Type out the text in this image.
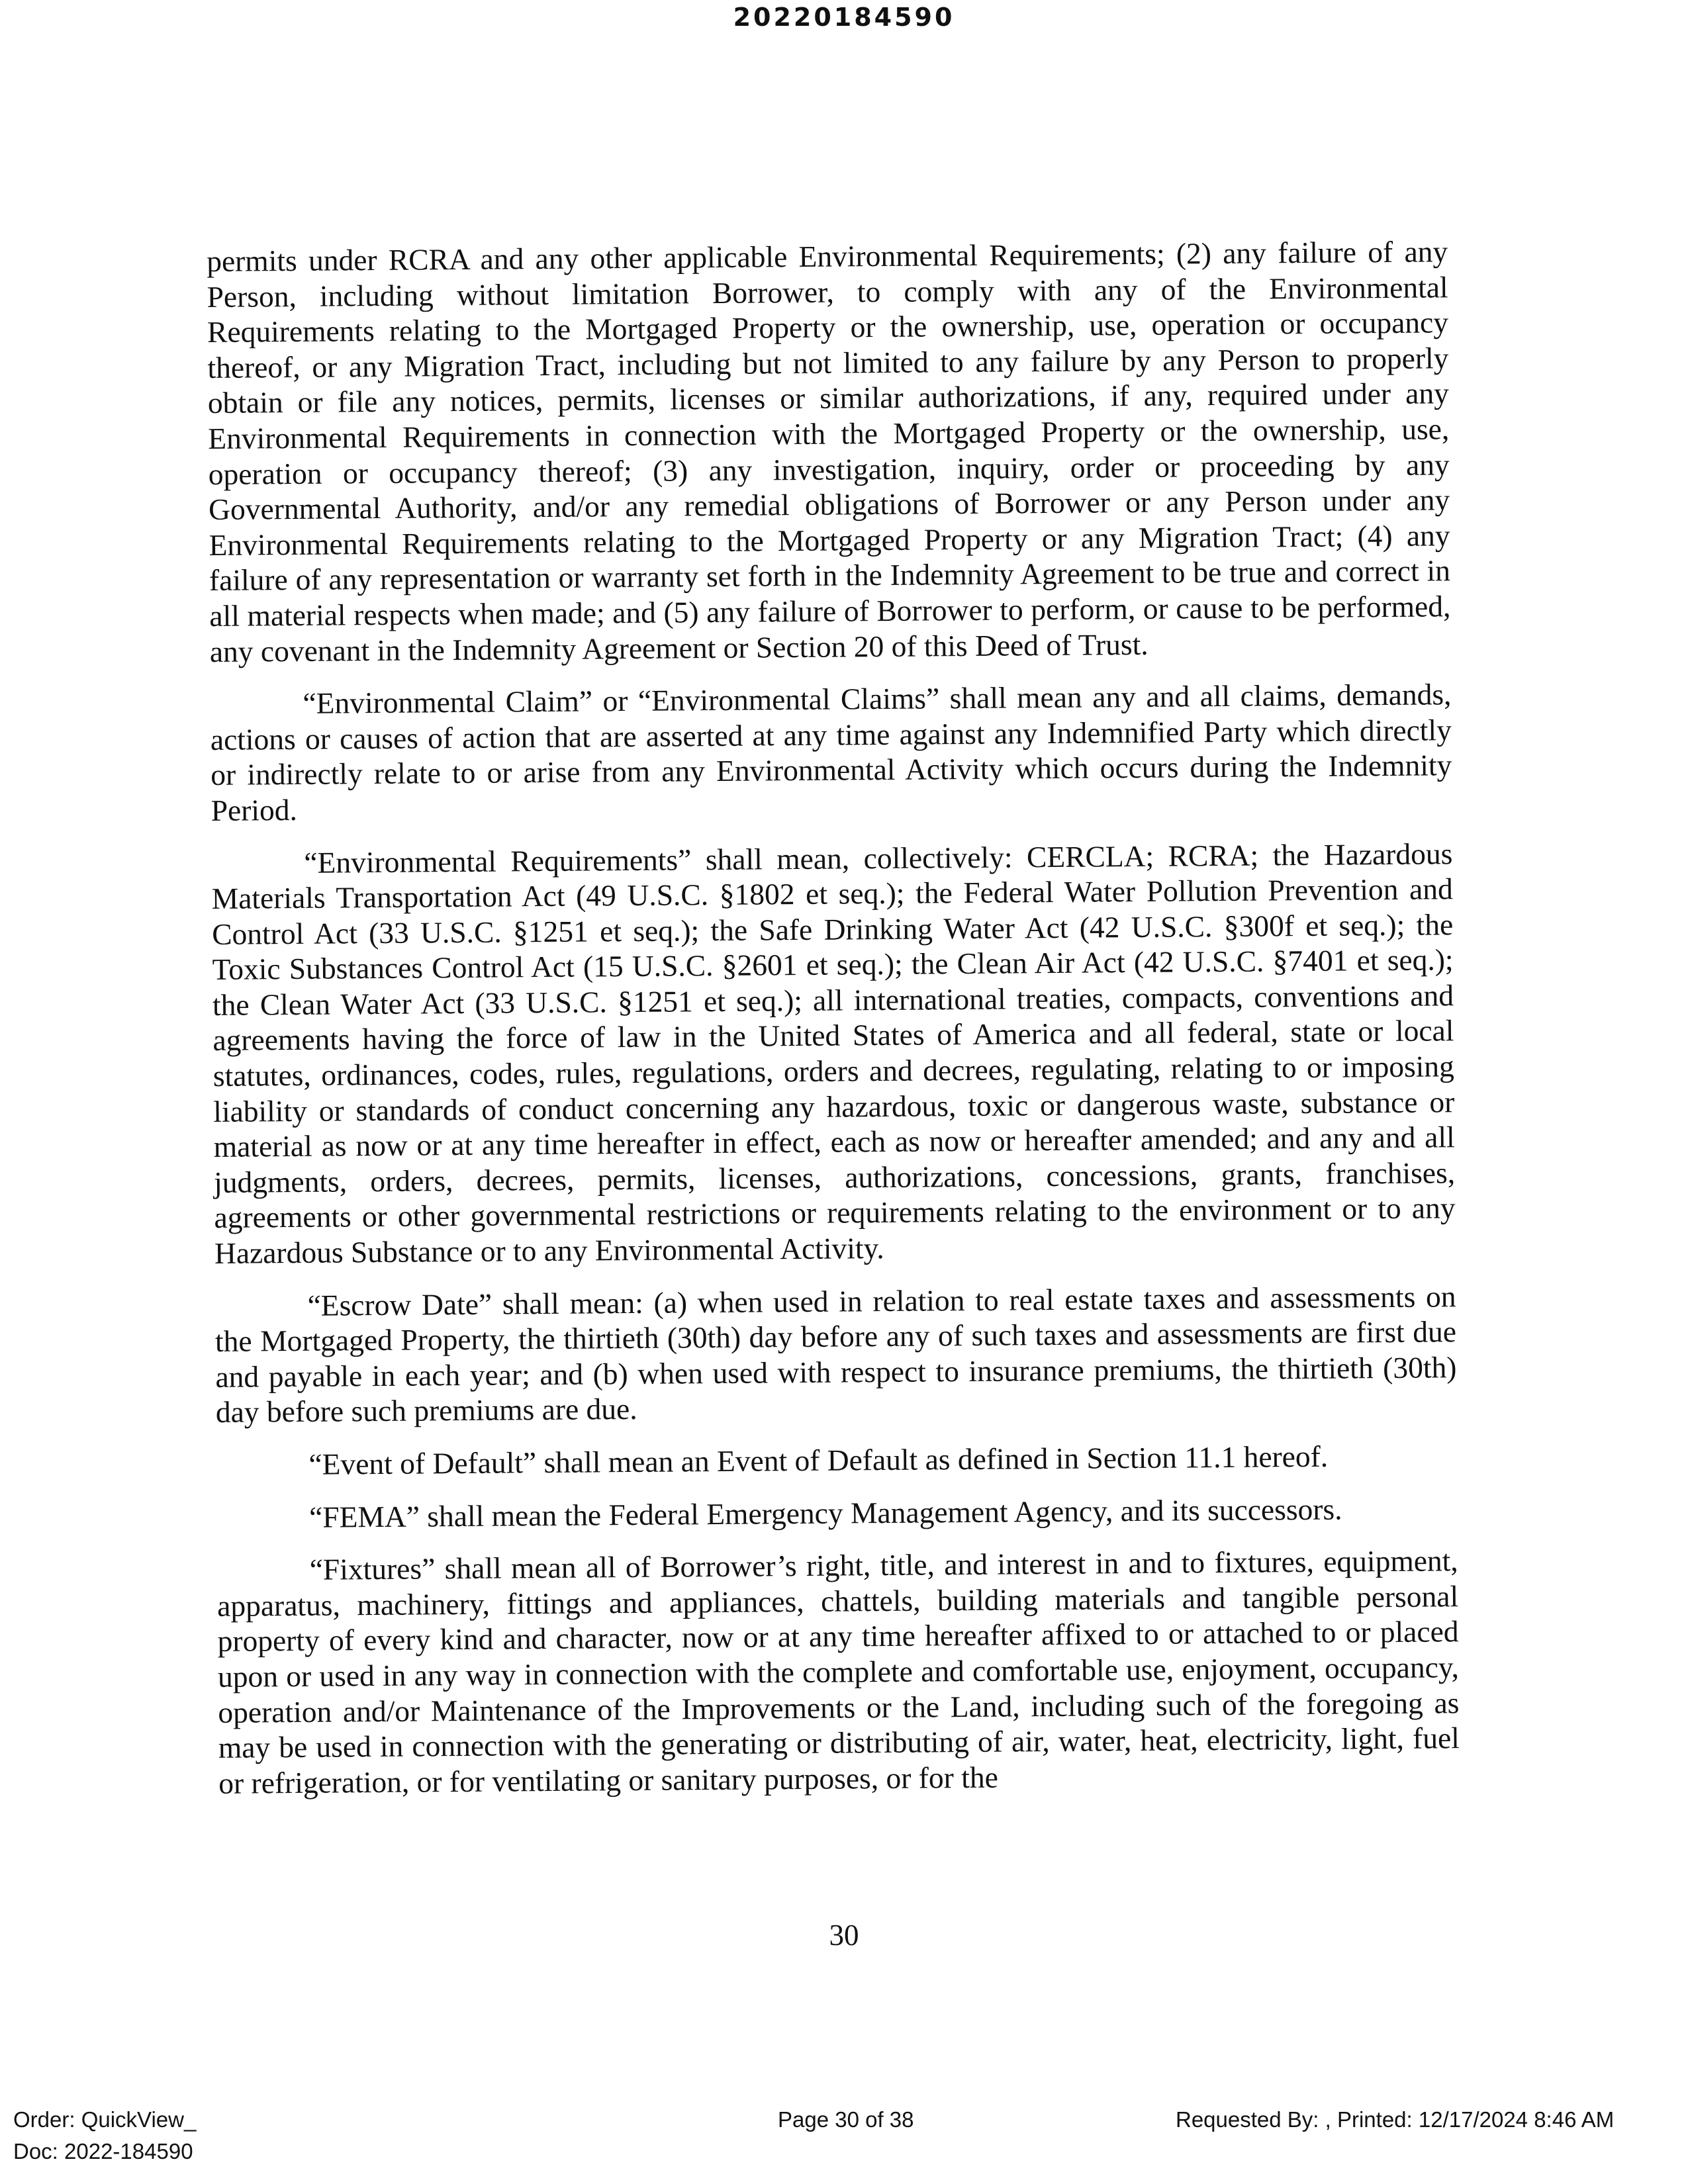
20220184590

permits under RCRA and any other applicable Environmental Requirements; (2) any failure of any Person, including without limitation Borrower, to comply with any of the Environmental Requirements relating to the Mortgaged Property or the ownership, use, operation or occupancy thereof, or any Migration Tract, including but not limited to any failure by any Person to properly obtain or file any notices, permits, licenses or similar authorizations, if any, required under any Environmental Requirements in connection with the Mortgaged Property or the ownership, use, operation or occupancy thereof; (3) any investigation, inquiry, order or proceeding by any Governmental Authority, and/or any remedial obligations of Borrower or any Person under any Environmental Requirements relating to the Mortgaged Property or any Migration Tract; (4) any failure of any representation or warranty set forth in the Indemnity Agreement to be true and correct in all material respects when made; and (5) any failure of Borrower to perform, or cause to be performed, any covenant in the Indemnity Agreement or Section 20 of this Deed of Trust.

“Environmental Claim” or “Environmental Claims” shall mean any and all claims, demands, actions or causes of action that are asserted at any time against any Indemnified Party which directly or indirectly relate to or arise from any Environmental Activity which occurs during the Indemnity Period.

“Environmental Requirements” shall mean, collectively: CERCLA; RCRA; the Hazardous Materials Transportation Act (49 U.S.C. §1802 et seq.); the Federal Water Pollution Prevention and Control Act (33 U.S.C. §1251 et seq.); the Safe Drinking Water Act (42 U.S.C. §300f et seq.); the Toxic Substances Control Act (15 U.S.C. §2601 et seq.); the Clean Air Act (42 U.S.C. §7401 et seq.); the Clean Water Act (33 U.S.C. §1251 et seq.); all international treaties, compacts, conventions and agreements having the force of law in the United States of America and all federal, state or local statutes, ordinances, codes, rules, regulations, orders and decrees, regulating, relating to or imposing liability or standards of conduct concerning any hazardous, toxic or dangerous waste, substance or material as now or at any time hereafter in effect, each as now or hereafter amended; and any and all judgments, orders, decrees, permits, licenses, authorizations, concessions, grants, franchises, agreements or other governmental restrictions or requirements relating to the environment or to any Hazardous Substance or to any Environmental Activity.

“Escrow Date” shall mean: (a) when used in relation to real estate taxes and assessments on the Mortgaged Property, the thirtieth (30th) day before any of such taxes and assessments are first due and payable in each year; and (b) when used with respect to insurance premiums, the thirtieth (30th) day before such premiums are due.

“Event of Default” shall mean an Event of Default as defined in Section 11.1 hereof.

“FEMA” shall mean the Federal Emergency Management Agency, and its successors.

“Fixtures” shall mean all of Borrower’s right, title, and interest in and to fixtures, equipment, apparatus, machinery, fittings and appliances, chattels, building materials and tangible personal property of every kind and character, now or at any time hereafter affixed to or attached to or placed upon or used in any way in connection with the complete and comfortable use, enjoyment, occupancy, operation and/or Maintenance of the Improvements or the Land, including such of the foregoing as may be used in connection with the generating or distributing of air, water, heat, electricity, light, fuel or refrigeration, or for ventilating or sanitary purposes, or for the

30
Order: QuickView_
Doc: 2022-184590
Page 30 of 38	Requested By: , Printed: 12/17/2024 8:46 AM
